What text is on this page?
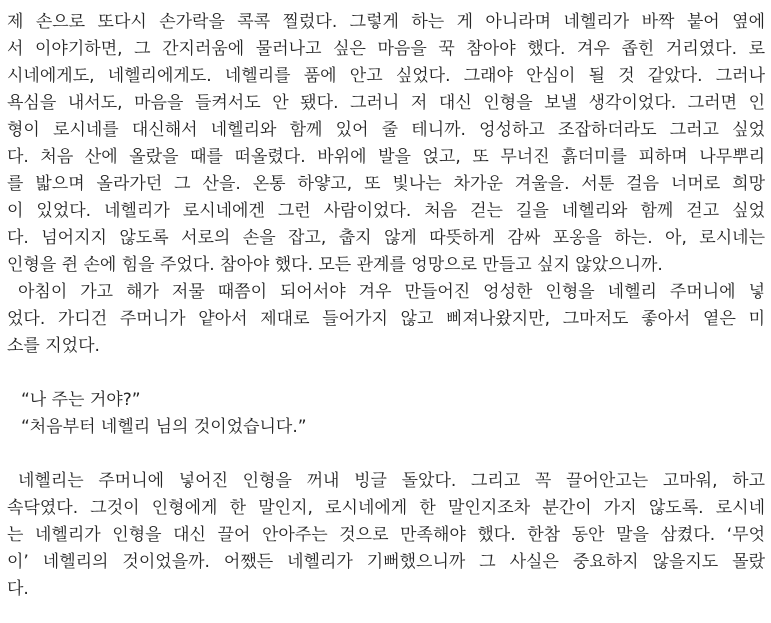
제 손으로 또다시 손가락을 콕콕 찔렀다. 그렇게 하는 게 아니라며 네헬리가 바짝 붙어 옆에
서 이야기하면, 그 간지러움에 물러나고 싶은 마음을 꾹 참아야 했다. 겨우 좁힌 거리였다. 로
시네에게도, 네헬리에게도. 네헬리를 품에 안고 싶었다. 그래야 안심이 될 것 같았다. 그러나
욕심을 내서도, 마음을 들켜서도 안 됐다. 그러니 저 대신 인형을 보낼 생각이었다. 그러면 인
형이 로시네를 대신해서 네헬리와 함께 있어 줄 테니까. 엉성하고 조잡하더라도 그러고 싶었
다. 처음 산에 올랐을 때를 떠올렸다. 바위에 발을 얹고, 또 무너진 흙더미를 피하며 나무뿌리
를 밟으며 올라가던 그 산을. 온통 하얗고, 또 빛나는 차가운 겨울을. 서툰 걸음 너머로 희망
이 있었다. 네헬리가 로시네에겐 그런 사람이었다. 처음 걷는 길을 네헬리와 함께 걷고 싶었
다. 넘어지지 않도록 서로의 손을 잡고, 춥지 않게 따뜻하게 감싸 포옹을 하는. 아, 로시네는
인형을 쥔 손에 힘을 주었다. 참아야 했다. 모든 관계를 엉망으로 만들고 싶지 않았으니까.
아침이 가고 해가 저물 때쯤이 되어서야 겨우 만들어진 엉성한 인형을 네헬리 주머니에 넣
었다. 가디건 주머니가 얕아서 제대로 들어가지 않고 삐져나왔지만, 그마저도 좋아서 옅은 미
소를 지었다.
“나 주는 거야?”
“처음부터 네헬리 님의 것이었습니다.”
네헬리는 주머니에 넣어진 인형을 꺼내 빙글 돌았다. 그리고 꼭 끌어안고는 고마워, 하고
속닥였다. 그것이 인형에게 한 말인지, 로시네에게 한 말인지조차 분간이 가지 않도록. 로시네
는 네헬리가 인형을 대신 끌어 안아주는 것으로 만족해야 했다. 한참 동안 말을 삼켰다. ‘무엇
이’ 네헬리의 것이었을까. 어쨌든 네헬리가 기뻐했으니까 그 사실은 중요하지 않을지도 몰랐
다.
